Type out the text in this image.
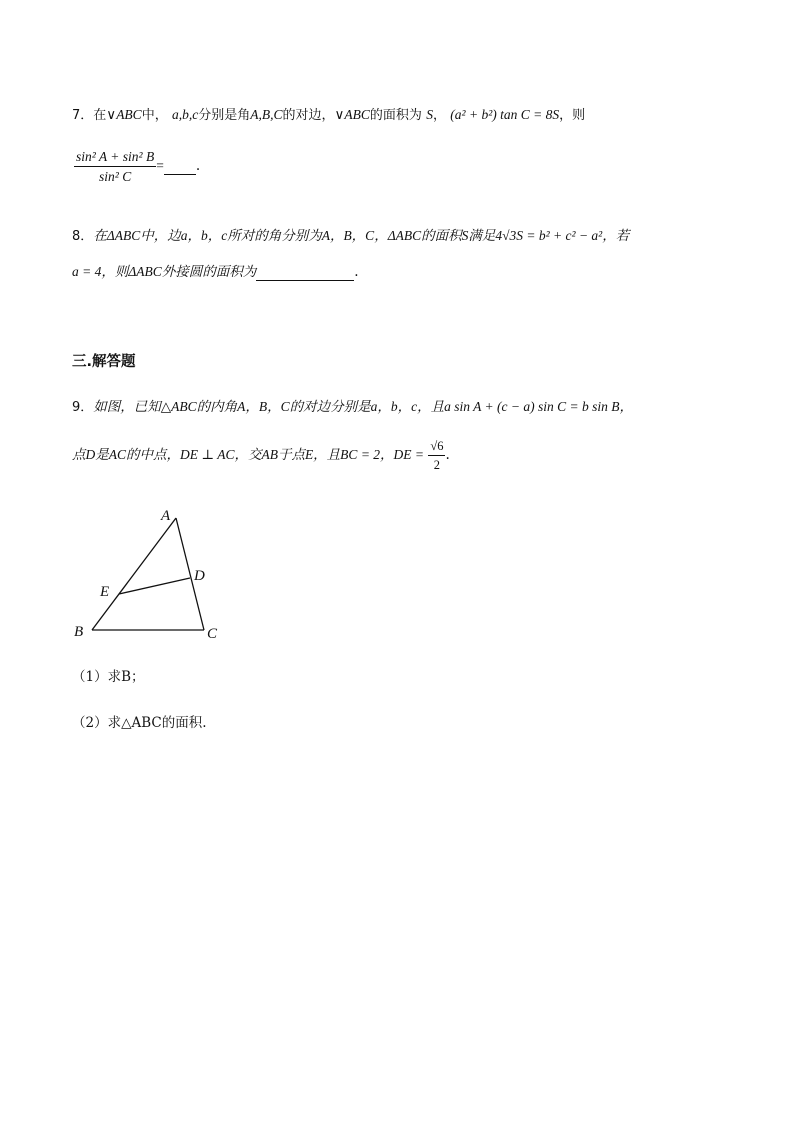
7．在∨ABC中， a,b,c分别是角A,B,C的对边，∨ABC的面积为 S， (a² + b²) tan C = 8S，则
$\frac{\text{sin² A + sin² B}}{\text{sin² C}}$ = .
8．在ΔABC中，边a，b，c所对的角分别为A，B，C，ΔABC的面积S满足4√3S = b² + c² − a²，若
a = 4，则ΔABC外接圆的面积为	.
三.解答题
9．如图，已知△ABC的内角A，B，C的对边分别是a，b，c，且a sin A + (c − a) sin C = b sin B，
点D是AC的中点，DE ⊥ AC，交AB于点E，且BC = 2，DE = $\frac{√6}{2}$ .
A
B	C
D
E
（1）求B；
（2）求△ABC的面积.
